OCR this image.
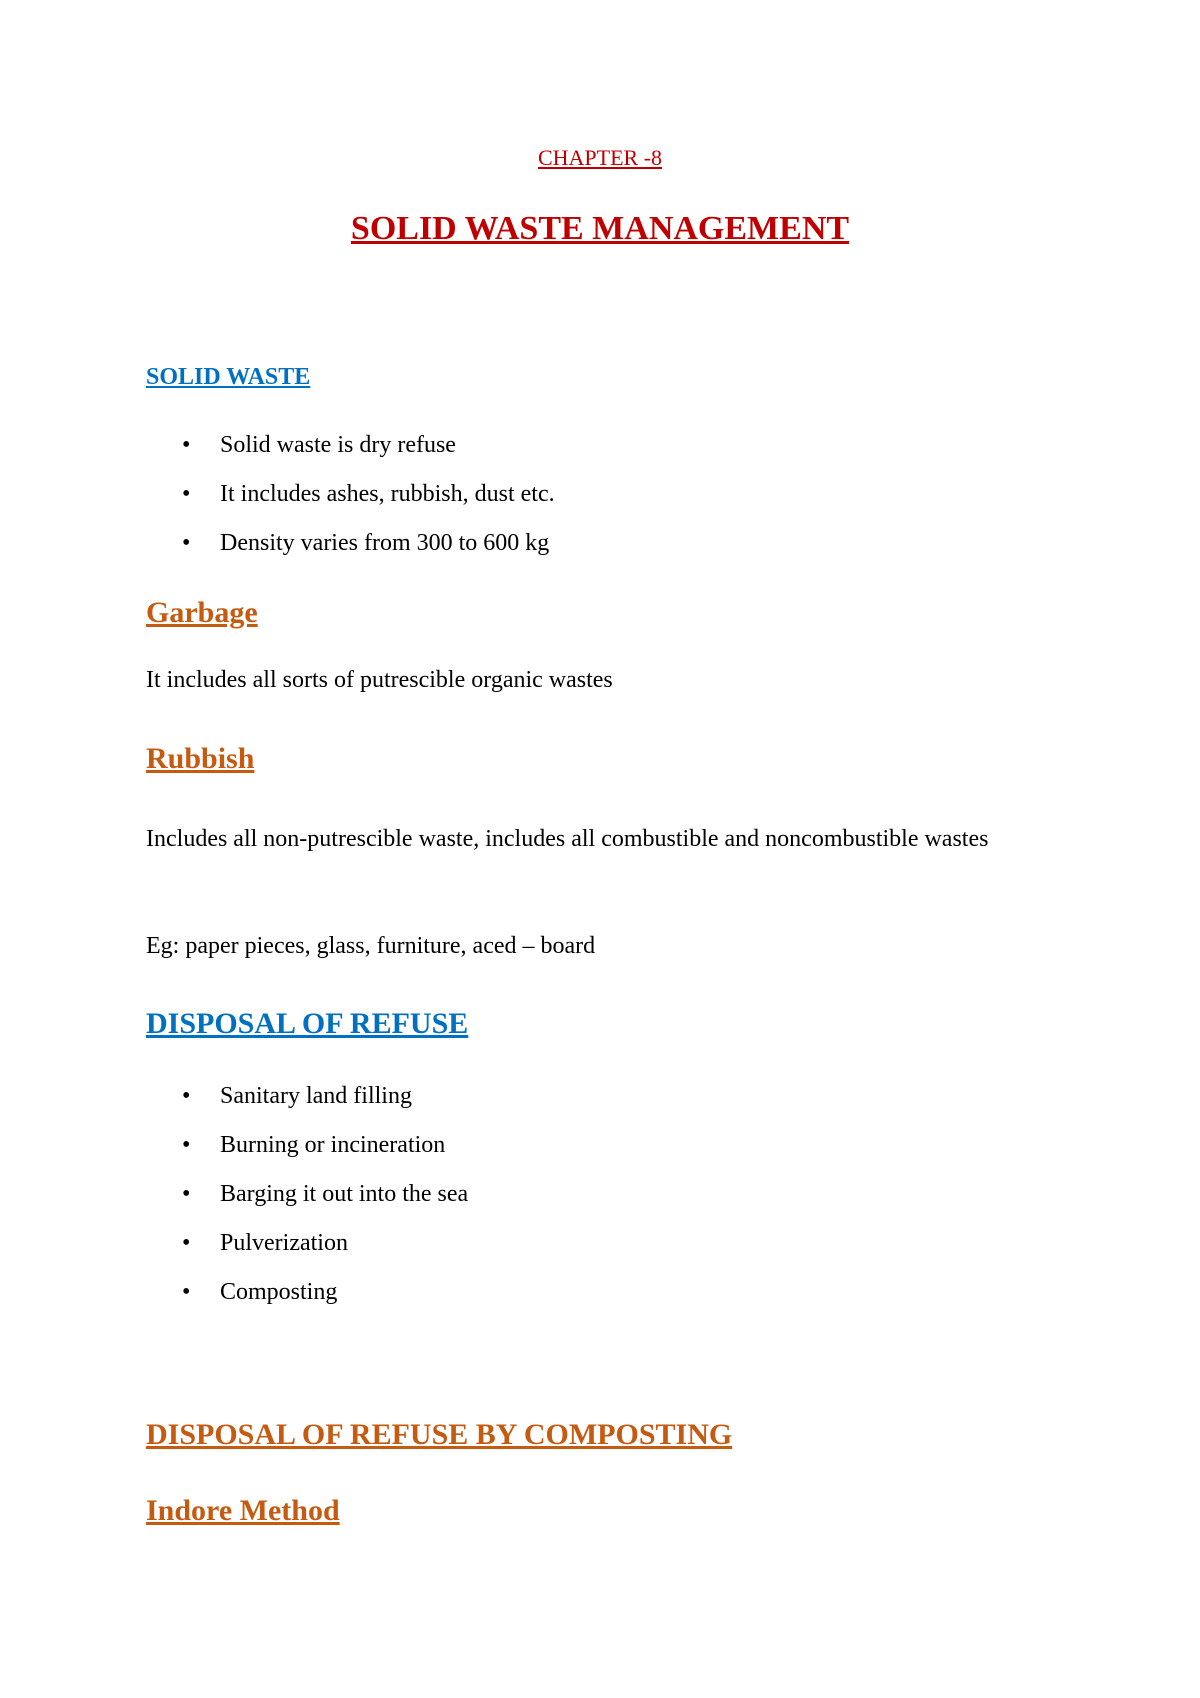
CHAPTER -8

SOLID WASTE MANAGEMENT

SOLID WASTE

• Solid waste is dry refuse
• It includes ashes, rubbish, dust etc.
• Density varies from 300 to 600 kg

Garbage

It includes all sorts of putrescible organic wastes

Rubbish

Includes all non-putrescible waste, includes all combustible and noncombustible wastes

Eg: paper pieces, glass, furniture, aced – board

DISPOSAL OF REFUSE

• Sanitary land filling
• Burning or incineration
• Barging it out into the sea
• Pulverization
• Composting

DISPOSAL OF REFUSE BY COMPOSTING

Indore Method
